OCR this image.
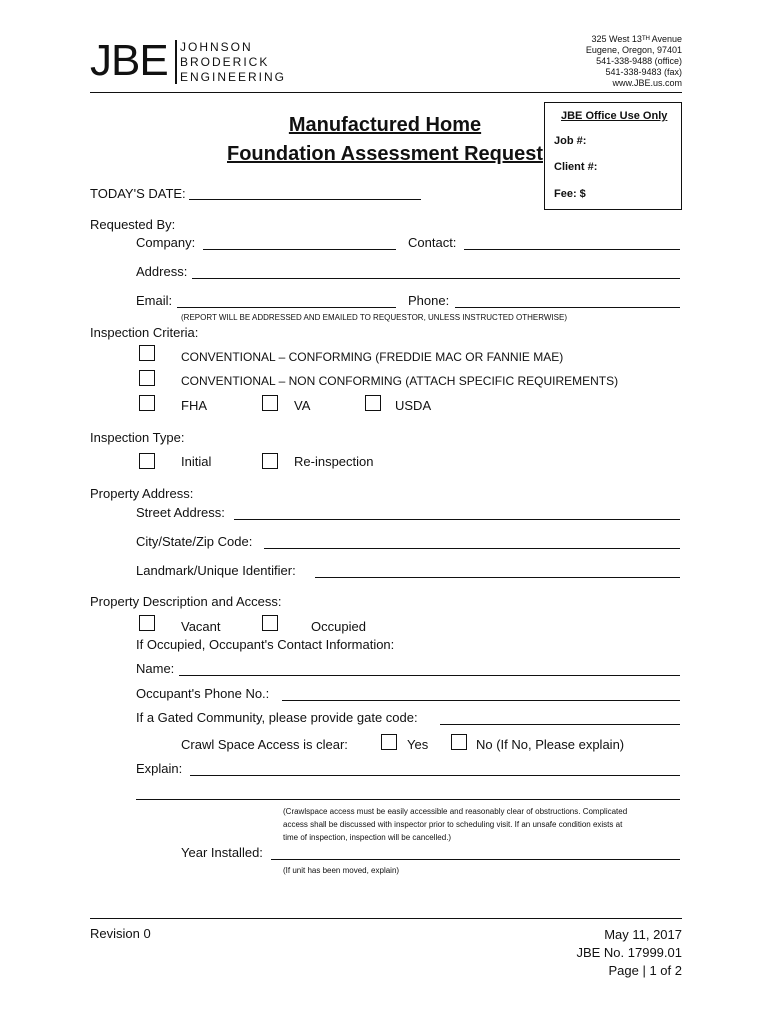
JBE JOHNSON
BRODERICK
ENGINEERING
325 West 13ᵀᴴ Avenue
Eugene, Oregon, 97401
541-338-9488 (office)
541-338-9483 (fax)
www.JBE.us.com
Manufactured Home
Foundation Assessment Request
JBE Office Use Only
Job #:
Client #:
Fee: $
TODAY'S DATE:
Requested By:
Company:	Contact:
Address:
Email:	Phone:
(REPORT WILL BE ADDRESSED AND EMAILED TO REQUESTOR, UNLESS INSTRUCTED OTHERWISE)
Inspection Criteria:
CONVENTIONAL – CONFORMING (FREDDIE MAC OR FANNIE MAE)
CONVENTIONAL – NON CONFORMING (ATTACH SPECIFIC REQUIREMENTS)
FHA	VA	USDA
Inspection Type:
Initial	Re-inspection
Property Address:
Street Address:
City/State/Zip Code:
Landmark/Unique Identifier:
Property Description and Access:
Vacant	Occupied
If Occupied, Occupant's Contact Information:
Name:
Occupant's Phone No.:
If a Gated Community, please provide gate code:
Crawl Space Access is clear:	Yes	No (If No, Please explain)
Explain:
(Crawlspace access must be easily accessible and reasonably clear of obstructions. Complicated
access shall be discussed with inspector prior to scheduling visit. If an unsafe condition exists at
time of inspection, inspection will be cancelled.)
Year Installed:
(If unit has been moved, explain)
Revision 0	May 11, 2017
JBE No. 17999.01
Page | 1 of 2
